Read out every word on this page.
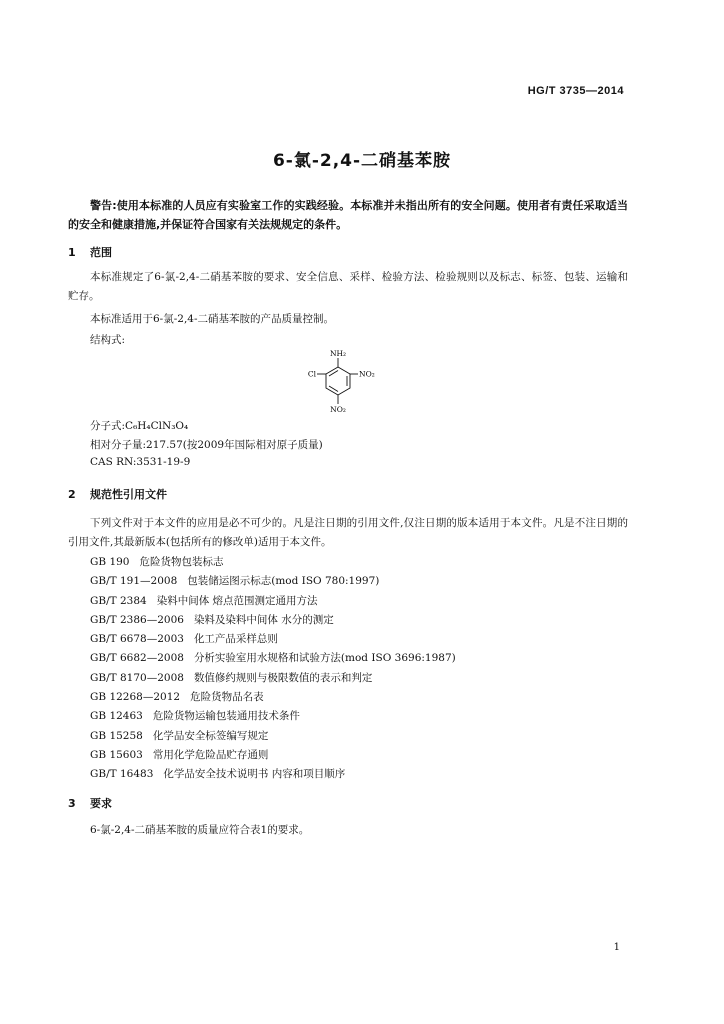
HG/T 3735—2014
6-氯-2,4-二硝基苯胺
警告:使用本标准的人员应有实验室工作的实践经验。本标准并未指出所有的安全问题。使用者有责任采取适当的安全和健康措施,并保证符合国家有关法规规定的条件。
1 范围
本标准规定了6-氯-2,4-二硝基苯胺的要求、安全信息、采样、检验方法、检验规则以及标志、标签、包装、运输和贮存。
本标准适用于6-氯-2,4-二硝基苯胺的产品质量控制。
结构式:
NH₂
Cl	NO₂
NO₂
分子式:C₆H₄ClN₃O₄
相对分子量:217.57(按2009年国际相对原子质量)
CAS RN:3531-19-9
2 规范性引用文件
下列文件对于本文件的应用是必不可少的。凡是注日期的引用文件,仅注日期的版本适用于本文件。凡是不注日期的引用文件,其最新版本(包括所有的修改单)适用于本文件。
GB 190 危险货物包装标志
GB/T 191—2008 包装储运图示标志(mod ISO 780:1997)
GB/T 2384 染料中间体 熔点范围测定通用方法
GB/T 2386—2006 染料及染料中间体 水分的测定
GB/T 6678—2003 化工产品采样总则
GB/T 6682—2008 分析实验室用水规格和试验方法(mod ISO 3696:1987)
GB/T 8170—2008 数值修约规则与极限数值的表示和判定
GB 12268—2012 危险货物品名表
GB 12463 危险货物运输包装通用技术条件
GB 15258 化学品安全标签编写规定
GB 15603 常用化学危险品贮存通则
GB/T 16483 化学品安全技术说明书 内容和项目顺序
3 要求
6-氯-2,4-二硝基苯胺的质量应符合表1的要求。
1
